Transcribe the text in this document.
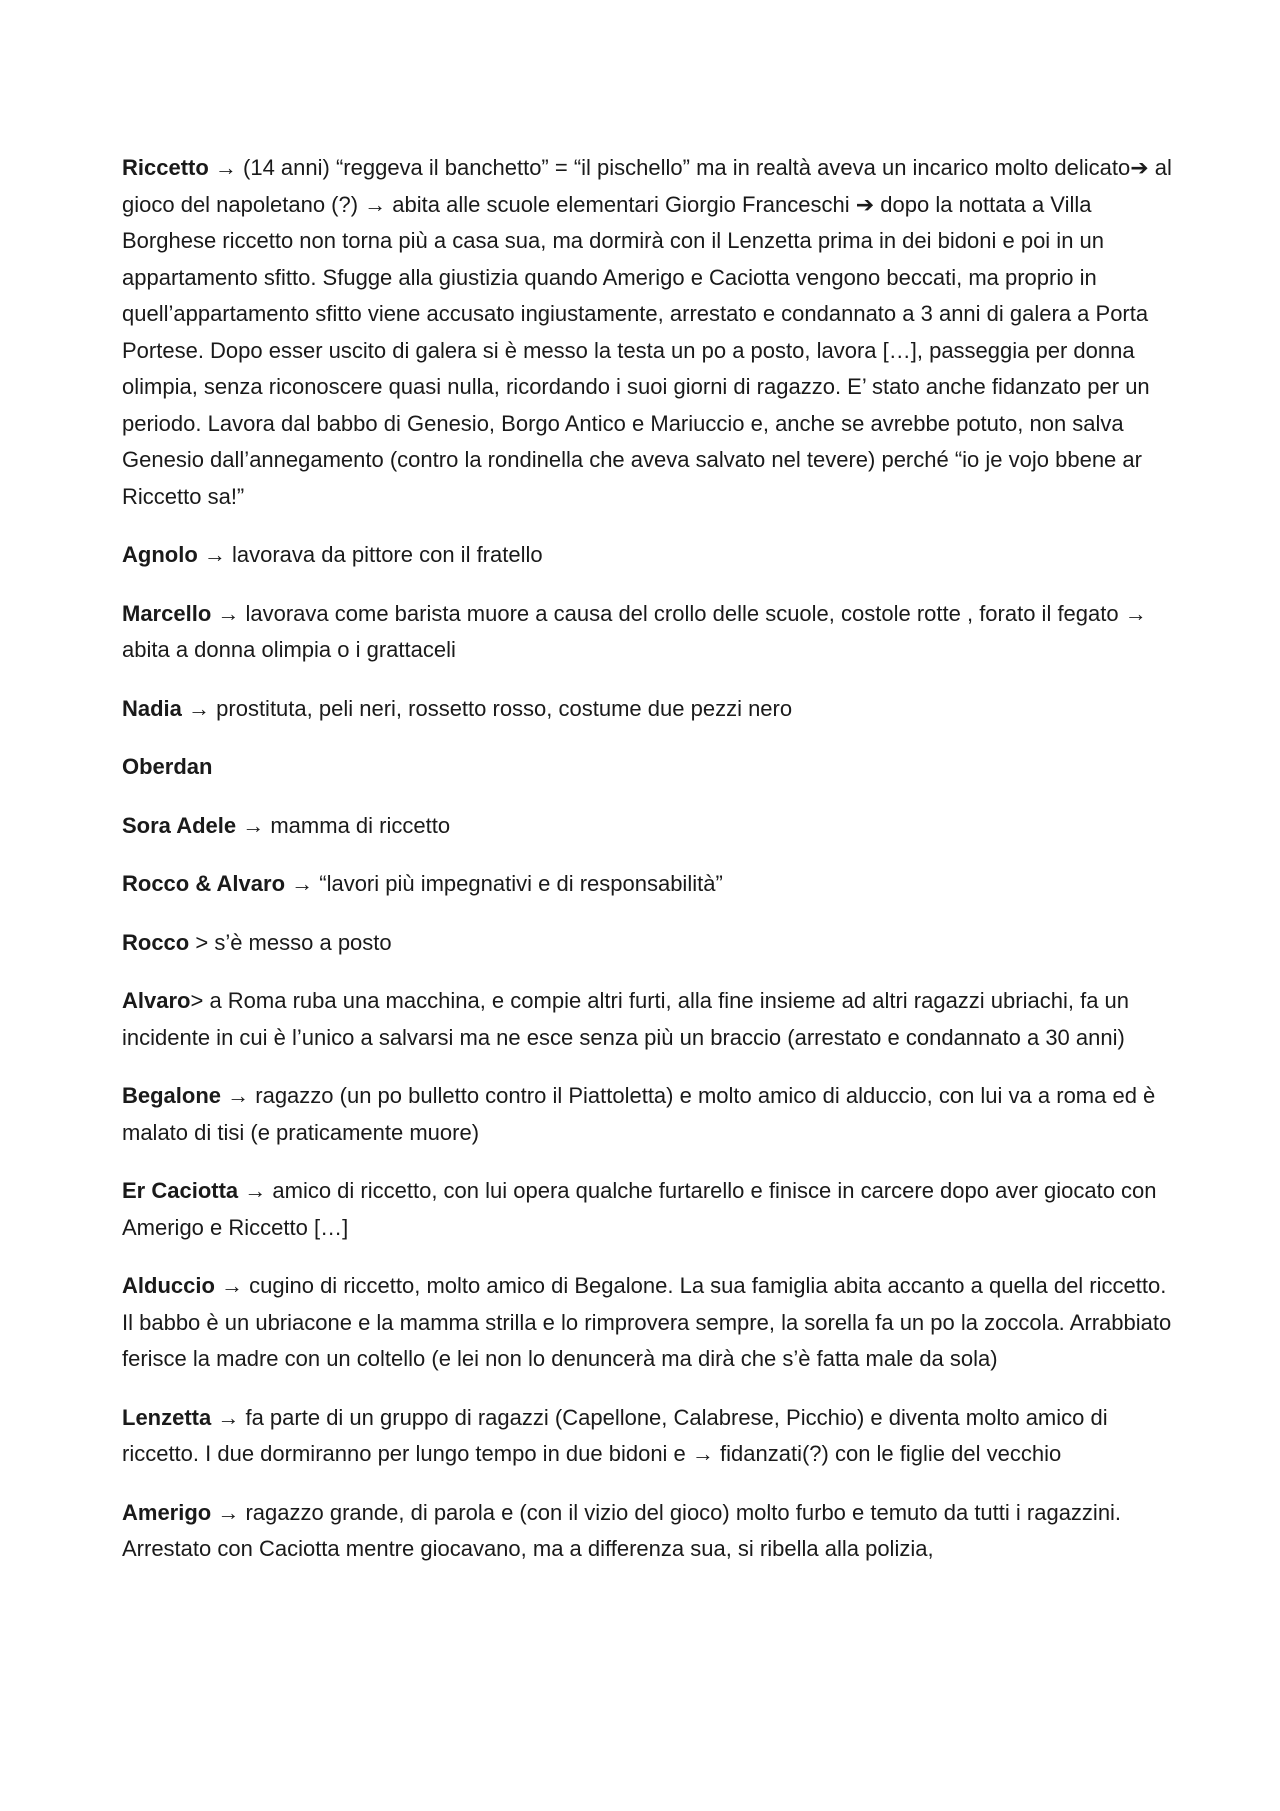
Riccetto → (14 anni) “reggeva il banchetto” = “il pischello” ma in realtà aveva un incarico molto delicato➔ al gioco del napoletano (?) → abita alle scuole elementari Giorgio Franceschi ➔ dopo la nottata a Villa Borghese riccetto non torna più a casa sua, ma dormirà con il Lenzetta prima in dei bidoni e poi in un appartamento sfitto. Sfugge alla giustizia quando Amerigo e Caciotta vengono beccati, ma proprio in quell’appartamento sfitto viene accusato ingiustamente, arrestato e condannato a 3 anni di galera a Porta Portese. Dopo esser uscito di galera si è messo la testa un po a posto, lavora […], passeggia per donna olimpia, senza riconoscere quasi nulla, ricordando i suoi giorni di ragazzo. E’ stato anche fidanzato per un periodo. Lavora dal babbo di Genesio, Borgo Antico e Mariuccio e, anche se avrebbe potuto, non salva Genesio dall’annegamento (contro la rondinella che aveva salvato nel tevere) perché “io je vojo bbene ar Riccetto sa!”

Agnolo → lavorava da pittore con il fratello

Marcello → lavorava come barista muore a causa del crollo delle scuole, costole rotte , forato il fegato → abita a donna olimpia o i grattaceli

Nadia → prostituta, peli neri, rossetto rosso, costume due pezzi nero

Oberdan

Sora Adele → mamma di riccetto

Rocco & Alvaro → “lavori più impegnativi e di responsabilità”

Rocco > s’è messo a posto

Alvaro> a Roma ruba una macchina, e compie altri furti, alla fine insieme ad altri ragazzi ubriachi, fa un incidente in cui è l’unico a salvarsi ma ne esce senza più un braccio (arrestato e condannato a 30 anni)

Begalone → ragazzo (un po bulletto contro il Piattoletta) e molto amico di alduccio, con lui va a roma ed è malato di tisi (e praticamente muore)

Er Caciotta → amico di riccetto, con lui opera qualche furtarello e finisce in carcere dopo aver giocato con Amerigo e Riccetto […]

Alduccio → cugino di riccetto, molto amico di Begalone. La sua famiglia abita accanto a quella del riccetto. Il babbo è un ubriacone e la mamma strilla e lo rimprovera sempre, la sorella fa un po la zoccola. Arrabbiato ferisce la madre con un coltello (e lei non lo denuncerà ma dirà che s’è fatta male da sola)

Lenzetta → fa parte di un gruppo di ragazzi (Capellone, Calabrese, Picchio) e diventa molto amico di riccetto. I due dormiranno per lungo tempo in due bidoni e → fidanzati(?) con le figlie del vecchio

Amerigo → ragazzo grande, di parola e (con il vizio del gioco) molto furbo e temuto da tutti i ragazzini. Arrestato con Caciotta mentre giocavano, ma a differenza sua, si ribella alla polizia,
